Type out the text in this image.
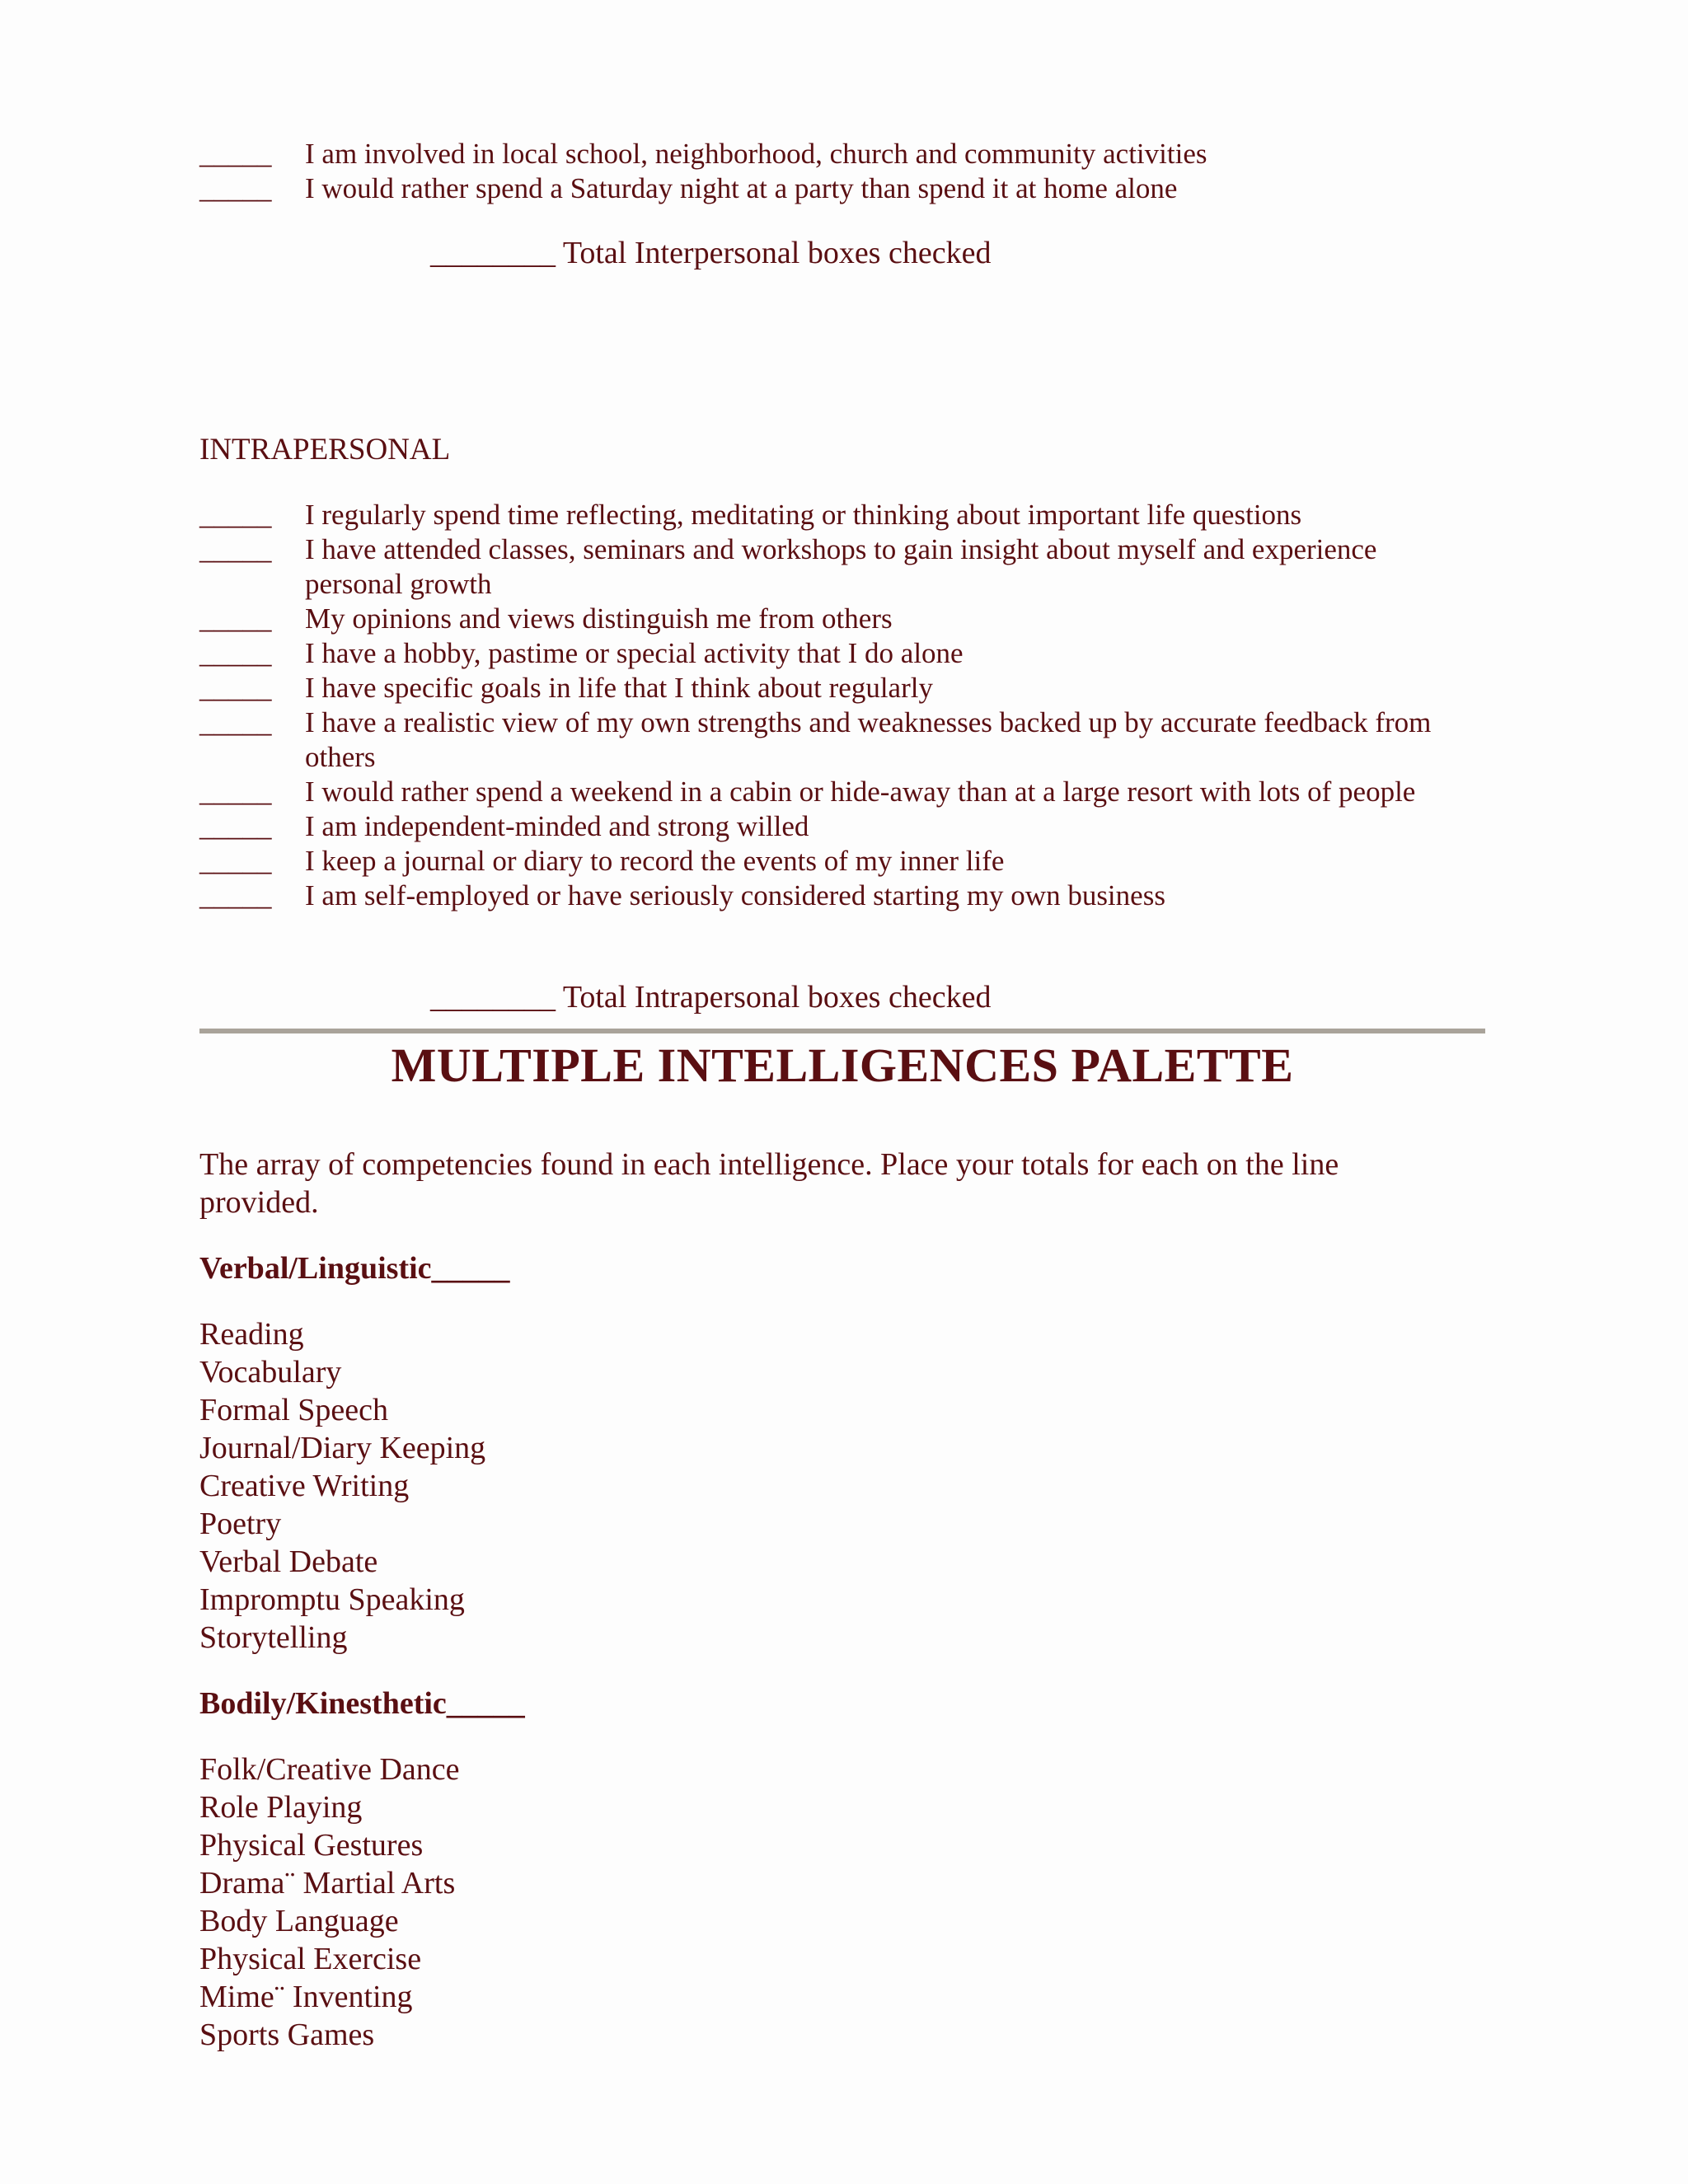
_____	I am involved in local school, neighborhood, church and community activities
_____	I would rather spend a Saturday night at a party than spend it at home alone
________ Total Interpersonal boxes checked
INTRAPERSONAL
_____	I regularly spend time reflecting, meditating or thinking about important life questions
_____	I have attended classes, seminars and workshops to gain insight about myself and experience personal growth
_____	My opinions and views distinguish me from others
_____	I have a hobby, pastime or special activity that I do alone
_____	I have specific goals in life that I think about regularly
_____	I have a realistic view of my own strengths and weaknesses backed up by accurate feedback from others
_____	I would rather spend a weekend in a cabin or hide-away than at a large resort with lots of people
_____	I am independent-minded and strong willed
_____	I keep a journal or diary to record the events of my inner life
_____	I am self-employed or have seriously considered starting my own business
________ Total Intrapersonal boxes checked
MULTIPLE INTELLIGENCES PALETTE
The array of competencies found in each intelligence. Place your totals for each on the line provided.
Verbal/Linguistic_____
Reading
Vocabulary
Formal Speech
Journal/Diary Keeping
Creative Writing
Poetry
Verbal Debate
Impromptu Speaking
Storytelling
Bodily/Kinesthetic_____
Folk/Creative Dance
Role Playing
Physical Gestures
Drama¨ Martial Arts
Body Language
Physical Exercise
Mime¨ Inventing
Sports Games
